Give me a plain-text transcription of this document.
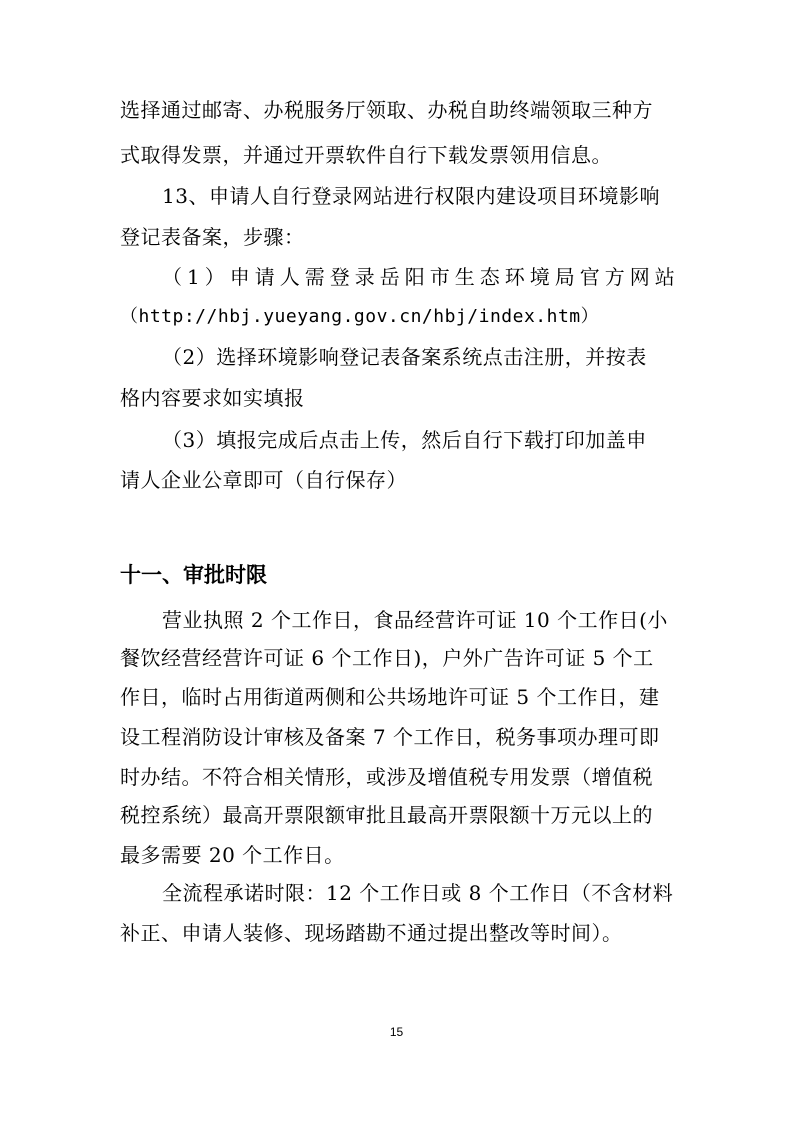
选择通过邮寄、办税服务厅领取、办税自助终端领取三种方
式取得发票，并通过开票软件自行下载发票领用信息。
13、申请人自行登录网站进行权限内建设项目环境影响
登记表备案，步骤：
（1）申请人需登录岳阳市生态环境局官方网站
（http://hbj.yueyang.gov.cn/hbj/index.htm）
（2）选择环境影响登记表备案系统点击注册，并按表
格内容要求如实填报
（3）填报完成后点击上传，然后自行下载打印加盖申
请人企业公章即可（自行保存）
十一、审批时限
营业执照 2 个工作日，食品经营许可证 10 个工作日(小
餐饮经营经营许可证 6 个工作日)，户外广告许可证 5 个工
作日，临时占用街道两侧和公共场地许可证 5 个工作日，建
设工程消防设计审核及备案 7 个工作日，税务事项办理可即
时办结。不符合相关情形，或涉及增值税专用发票（增值税
税控系统）最高开票限额审批且最高开票限额十万元以上的
最多需要 20 个工作日。
全流程承诺时限：12 个工作日或 8 个工作日（不含材料
补正、申请人装修、现场踏勘不通过提出整改等时间）。
15
